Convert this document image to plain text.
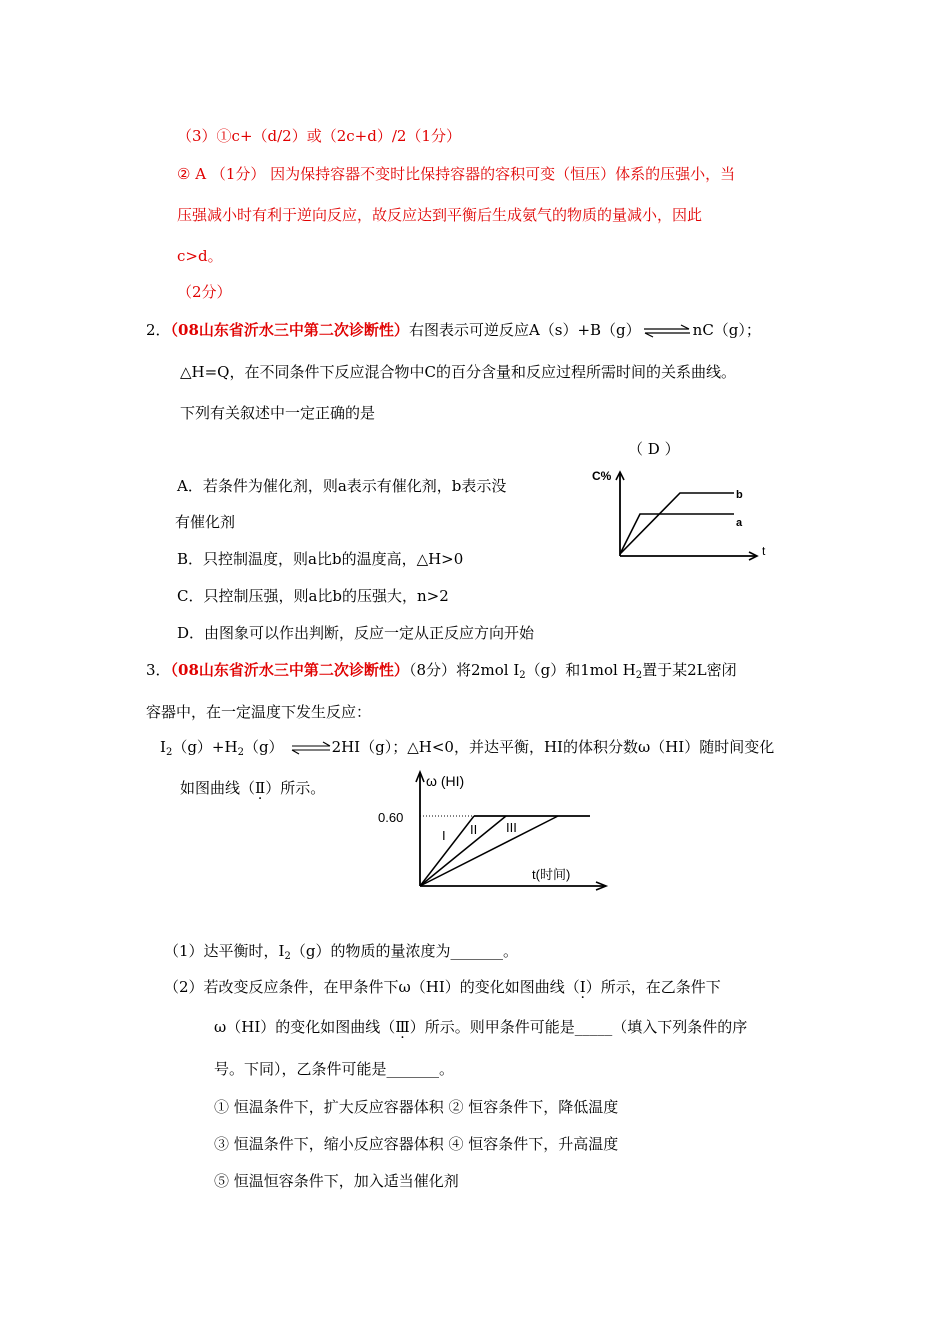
（3）①c+（d/2）或（2c+d）/2（1分）
② A （1分） 因为保持容器不变时比保持容器的容积可变（恒压）体系的压强小，当
压强减小时有利于逆向反应，故反应达到平衡后生成氨气的物质的量减小，因此
c>d。
（2分）
2．（08山东省沂水三中第二次诊断性）右图表示可逆反应A（s）+B（g）⇌nC（g）；
△H=Q，在不同条件下反应混合物中C的百分含量和反应过程所需时间的关系曲线。
下列有关叙述中一定正确的是
（ D ）
C%
t
b
a
A．若条件为催化剂，则a表示有催化剂，b表示没
有催化剂
B．只控制温度，则a比b的温度高，△H>0
C．只控制压强，则a比b的压强大，n>2
D．由图象可以作出判断，反应一定从正反应方向开始
3．（08山东省沂水三中第二次诊断性）（8分）将2mol $I_2(g)$和1mol $H_2$置于某2L密闭
容器中，在一定温度下发生反应：
$I_2(g)+H_2(g)$ ⇌2HI（g）；△H<0，并达平衡，HI的体积分数ω（HI）随时间变化
如图曲线（Ⅱ ·）所示。	ω (HI)
t(时间)
0.60
I II III
（1）达平衡时，$I_2(g)$的物质的量浓度为_______。
（2）若改变反应条件，在甲条件下ω（HI）的变化如图曲线（Ⅰ ·）所示，在乙条件下
ω（HI）的变化如图曲线（Ⅲ ·）所示。则甲条件可能是_____（填入下列条件的序
号。下同），乙条件可能是_______。
① 恒温条件下，扩大反应容器体积 ② 恒容条件下，降低温度
③ 恒温条件下，缩小反应容器体积 ④ 恒容条件下，升高温度
⑤ 恒温恒容条件下，加入适当催化剂
